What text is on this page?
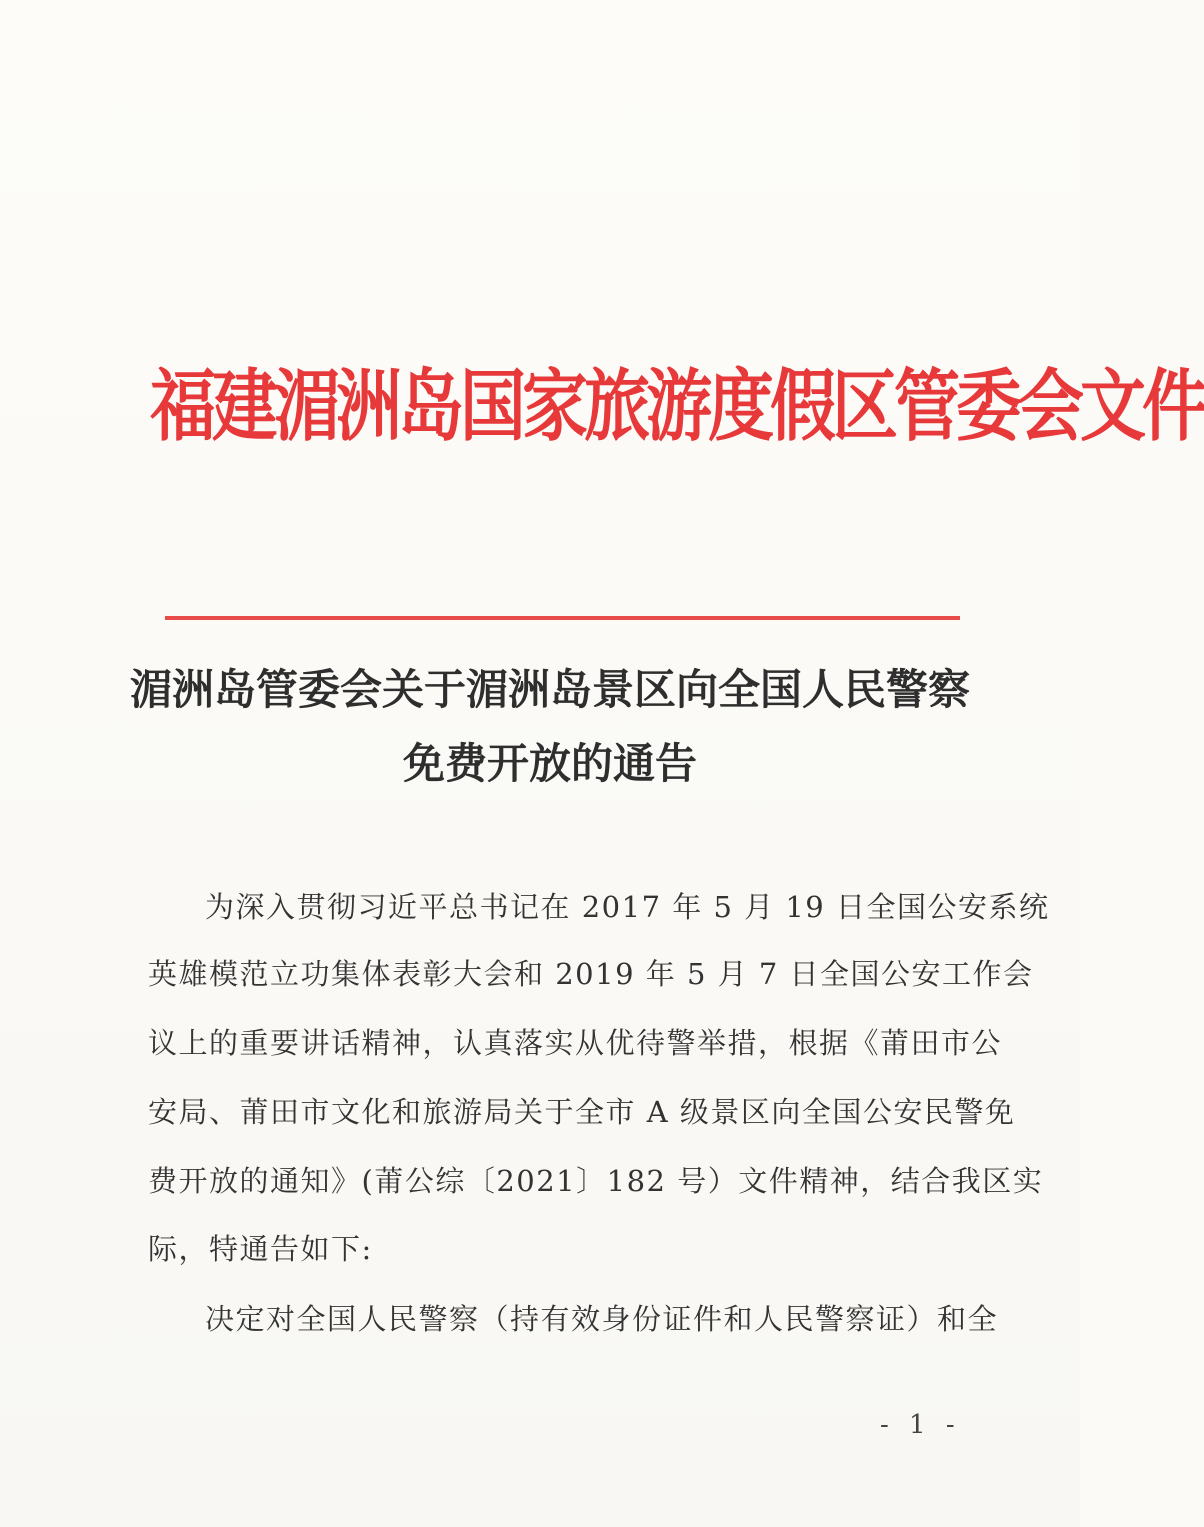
福建湄洲岛国家旅游度假区管委会文件
湄洲岛管委会关于湄洲岛景区向全国人民警察
免费开放的通告
为深入贯彻习近平总书记在 2017 年 5 月 19 日全国公安系统
英雄模范立功集体表彰大会和 2019 年 5 月 7 日全国公安工作会
议上的重要讲话精神，认真落实从优待警举措，根据《莆田市公
安局、莆田市文化和旅游局关于全市 A 级景区向全国公安民警免
费开放的通知》(莆公综〔2021〕182 号）文件精神，结合我区实
际，特通告如下:
决定对全国人民警察（持有效身份证件和人民警察证）和全
- 1 -
